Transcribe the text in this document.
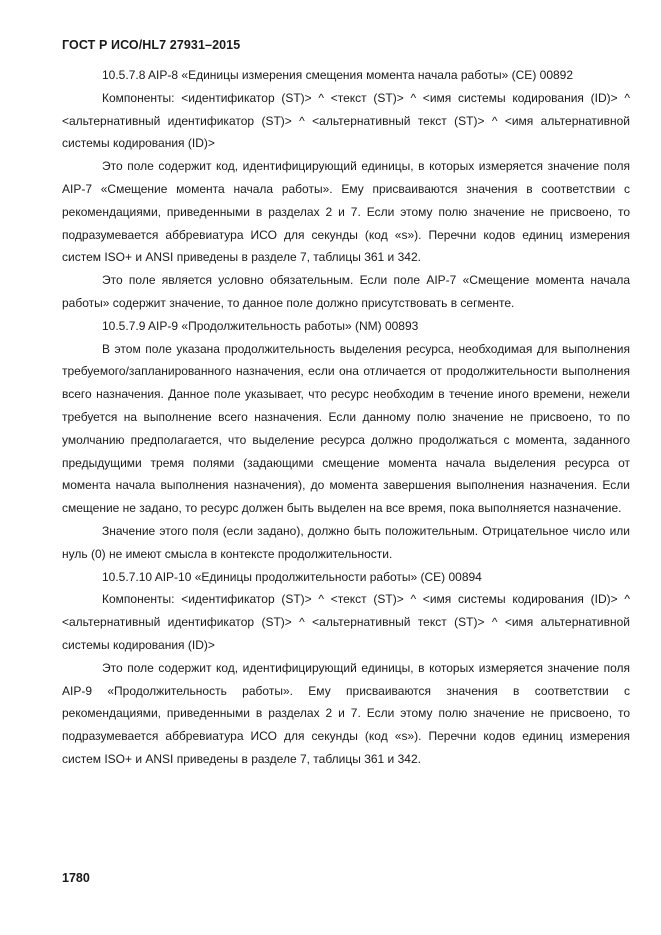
ГОСТ Р ИСО/HL7 27931–2015

10.5.7.8 AIP-8 «Единицы измерения смещения момента начала работы» (CE) 00892

Компоненты: <идентификатор (ST)> ^ <текст (ST)> ^ <имя системы кодирования (ID)> ^ <альтернативный идентификатор (ST)> ^ <альтернативный текст (ST)> ^ <имя альтернативной системы кодирования (ID)>

Это поле содержит код, идентифицирующий единицы, в которых измеряется значение поля AIP-7 «Смещение момента начала работы». Ему присваиваются значения в соответствии с рекомендациями, приведенными в разделах 2 и 7. Если этому полю значение не присвоено, то подразумевается аббревиатура ИСО для секунды (код «s»). Перечни кодов единиц измерения систем ISO+ и ANSI приведены в разделе 7, таблицы 361 и 342.

Это поле является условно обязательным. Если поле AIP-7 «Смещение момента начала работы» содержит значение, то данное поле должно присутствовать в сегменте.

10.5.7.9 AIP-9 «Продолжительность работы» (NM) 00893

В этом поле указана продолжительность выделения ресурса, необходимая для выполнения требуемого/запланированного назначения, если она отличается от продолжительности выполнения всего назначения. Данное поле указывает, что ресурс необходим в течение иного времени, нежели требуется на выполнение всего назначения. Если данному полю значение не присвоено, то по умолчанию предполагается, что выделение ресурса должно продолжаться с момента, заданного предыдущими тремя полями (задающими смещение момента начала выделения ресурса от момента начала выполнения назначения), до момента завершения выполнения назначения. Если смещение не задано, то ресурс должен быть выделен на все время, пока выполняется назначение.

Значение этого поля (если задано), должно быть положительным. Отрицательное число или нуль (0) не имеют смысла в контексте продолжительности.

10.5.7.10 AIP-10 «Единицы продолжительности работы» (CE) 00894

Компоненты: <идентификатор (ST)> ^ <текст (ST)> ^ <имя системы кодирования (ID)> ^ <альтернативный идентификатор (ST)> ^ <альтернативный текст (ST)> ^ <имя альтернативной системы кодирования (ID)>

Это поле содержит код, идентифицирующий единицы, в которых измеряется значение поля AIP-9 «Продолжительность работы». Ему присваиваются значения в соответствии с рекомендациями, приведенными в разделах 2 и 7. Если этому полю значение не присвоено, то подразумевается аббревиатура ИСО для секунды (код «s»). Перечни кодов единиц измерения систем ISO+ и ANSI приведены в разделе 7, таблицы 361 и 342.

1780
